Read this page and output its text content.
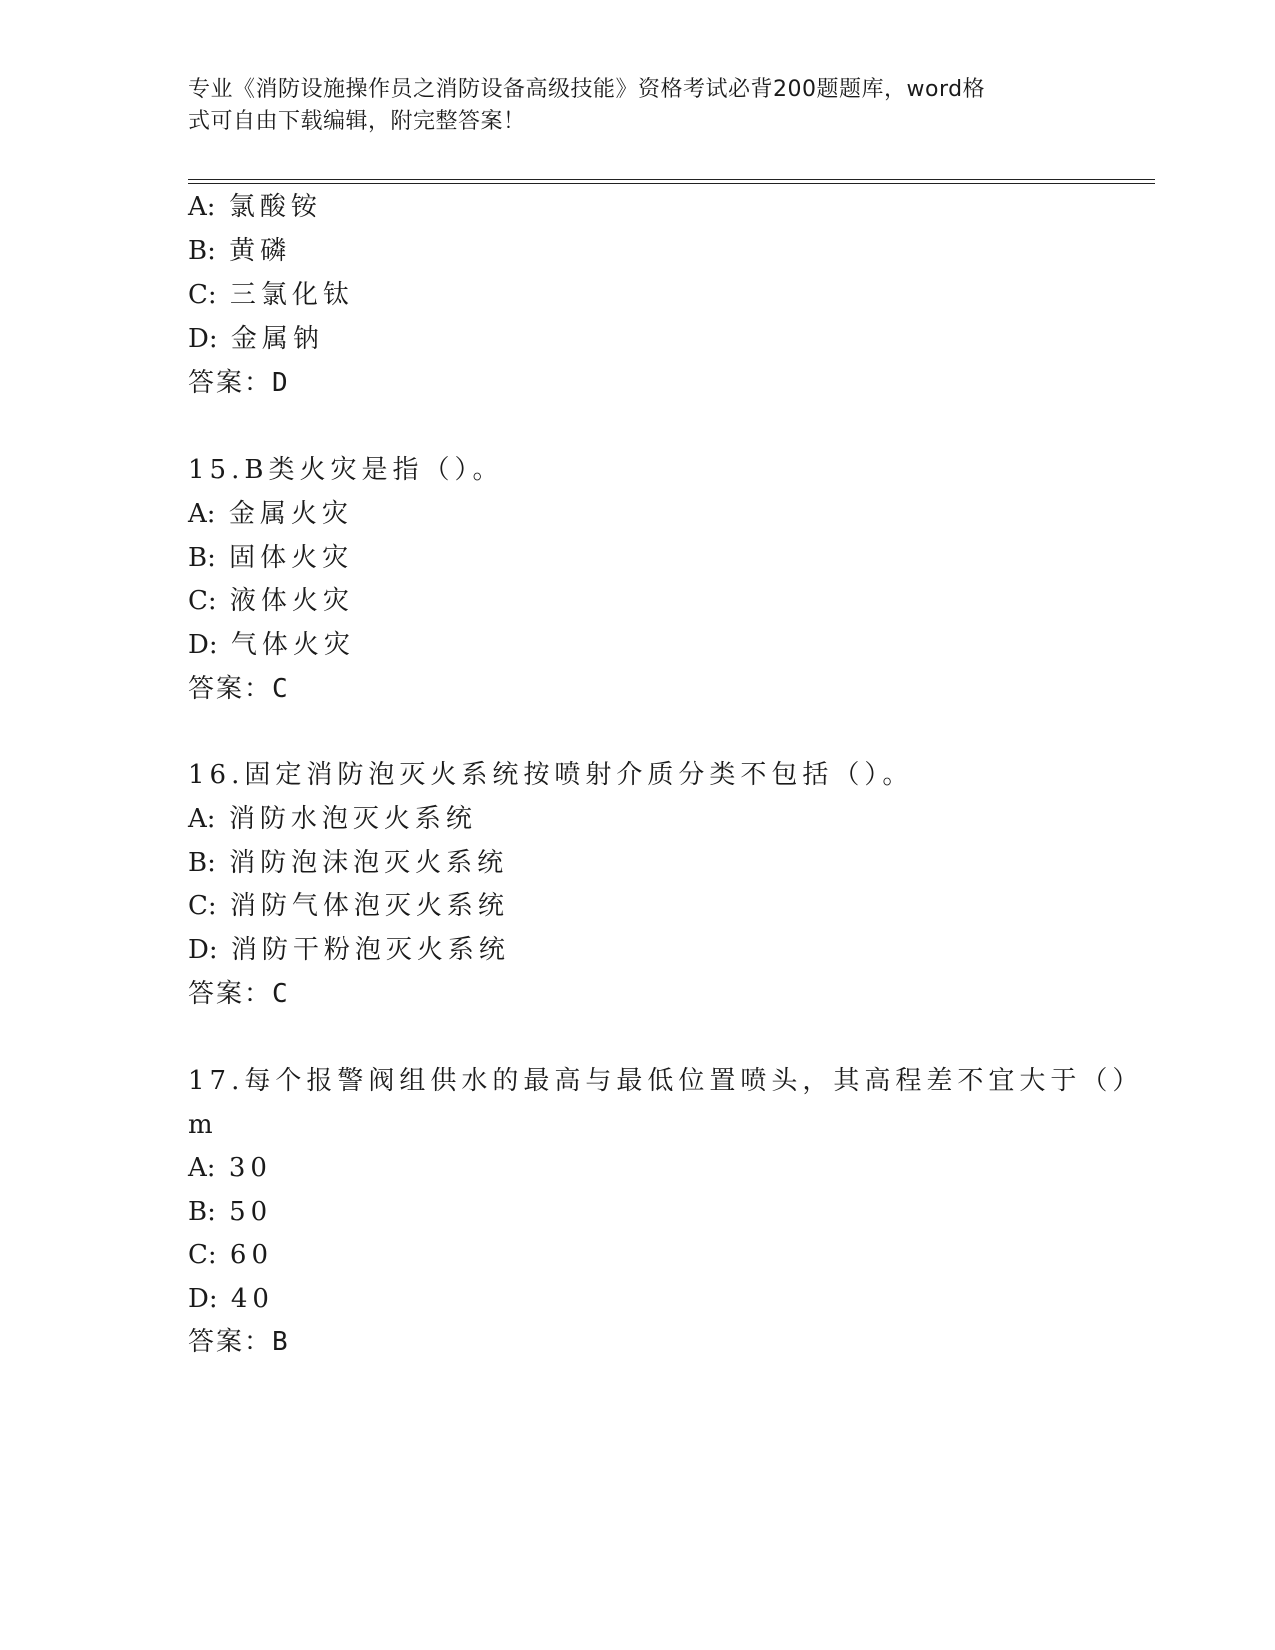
专业《消防设施操作员之消防设备高级技能》资格考试必背200题题库，word格
式可自由下载编辑，附完整答案！
A: 氯酸铵
B: 黄磷
C: 三氯化钛
D: 金属钠
答案：D
15.B类火灾是指（）。
A: 金属火灾
B: 固体火灾
C: 液体火灾
D: 气体火灾
答案：C
16.固定消防泡灭火系统按喷射介质分类不包括（）。
A: 消防水泡灭火系统
B: 消防泡沫泡灭火系统
C: 消防气体泡灭火系统
D: 消防干粉泡灭火系统
答案：C
17.每个报警阀组供水的最高与最低位置喷头，其高程差不宜大于（）
m
A: 30
B: 50
C: 60
D: 40
答案：B
